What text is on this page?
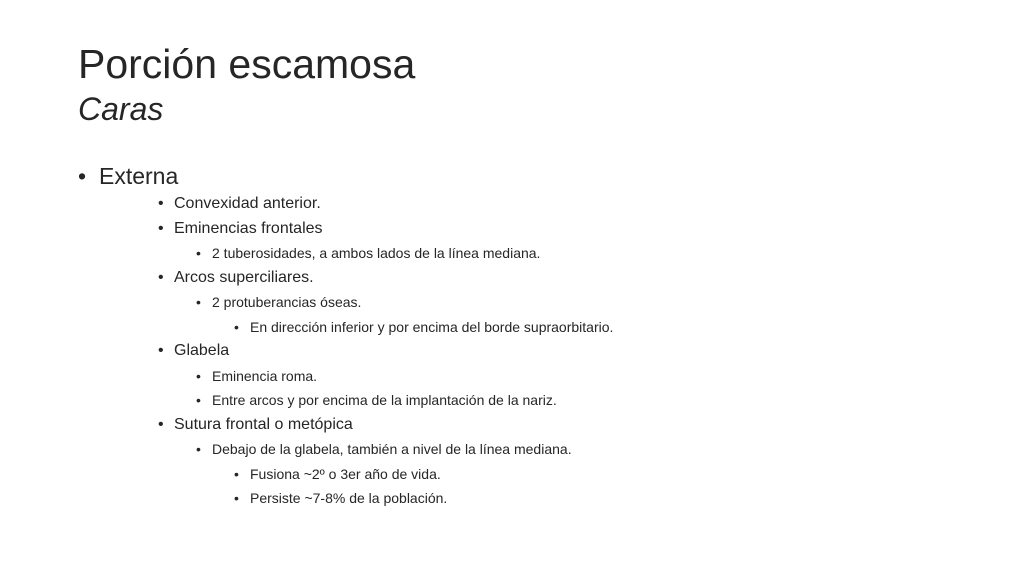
Porción escamosa
Caras
• Externa
• Convexidad anterior.
• Eminencias frontales
• 2 tuberosidades, a ambos lados de la línea mediana.
• Arcos superciliares.
• 2 protuberancias óseas.
• En dirección inferior y por encima del borde supraorbitario.
• Glabela
• Eminencia roma.
• Entre arcos y por encima de la implantación de la nariz.
• Sutura frontal o metópica
• Debajo de la glabela, también a nivel de la línea mediana.
• Fusiona ~2º o 3er año de vida.
• Persiste ~7-8% de la población.
